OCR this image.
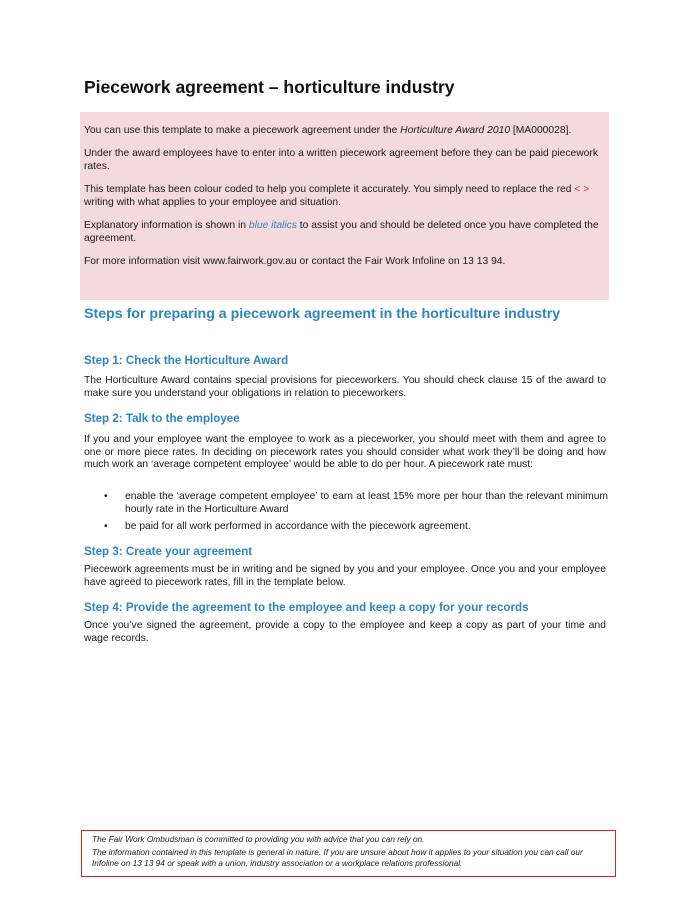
Piecework agreement – horticulture industry

You can use this template to make a piecework agreement under the Horticulture Award 2010 [MA000028].

Under the award employees have to enter into a written piecework agreement before they can be paid piecework rates.

This template has been colour coded to help you complete it accurately. You simply need to replace the red < > writing with what applies to your employee and situation.

Explanatory information is shown in blue italics to assist you and should be deleted once you have completed the agreement.

For more information visit www.fairwork.gov.au or contact the Fair Work Infoline on 13 13 94.

Steps for preparing a piecework agreement in the horticulture industry
Step 1: Check the Horticulture Award

The Horticulture Award contains special provisions for pieceworkers. You should check clause 15 of the award to make sure you understand your obligations in relation to pieceworkers.

Step 2: Talk to the employee

If you and your employee want the employee to work as a pieceworker, you should meet with them and agree to one or more piece rates. In deciding on piecework rates you should consider what work they’ll be doing and how much work an ‘average competent employee’ would be able to do per hour. A piecework rate must:

• enable the ‘average competent employee’ to earn at least 15% more per hour than the relevant minimum hourly rate in the Horticulture Award
• be paid for all work performed in accordance with the piecework agreement.
Step 3: Create your agreement

Piecework agreements must be in writing and be signed by you and your employee. Once you and your employee have agreed to piecework rates, fill in the template below.

Step 4: Provide the agreement to the employee and keep a copy for your records

Once you’ve signed the agreement, provide a copy to the employee and keep a copy as part of your time and wage records.

The Fair Work Ombudsman is committed to providing you with advice that you can rely on.

The information contained in this template is general in nature. If you are unsure about how it applies to your situation you can call our Infoline on 13 13 94 or speak with a union, industry association or a workplace relations professional.
